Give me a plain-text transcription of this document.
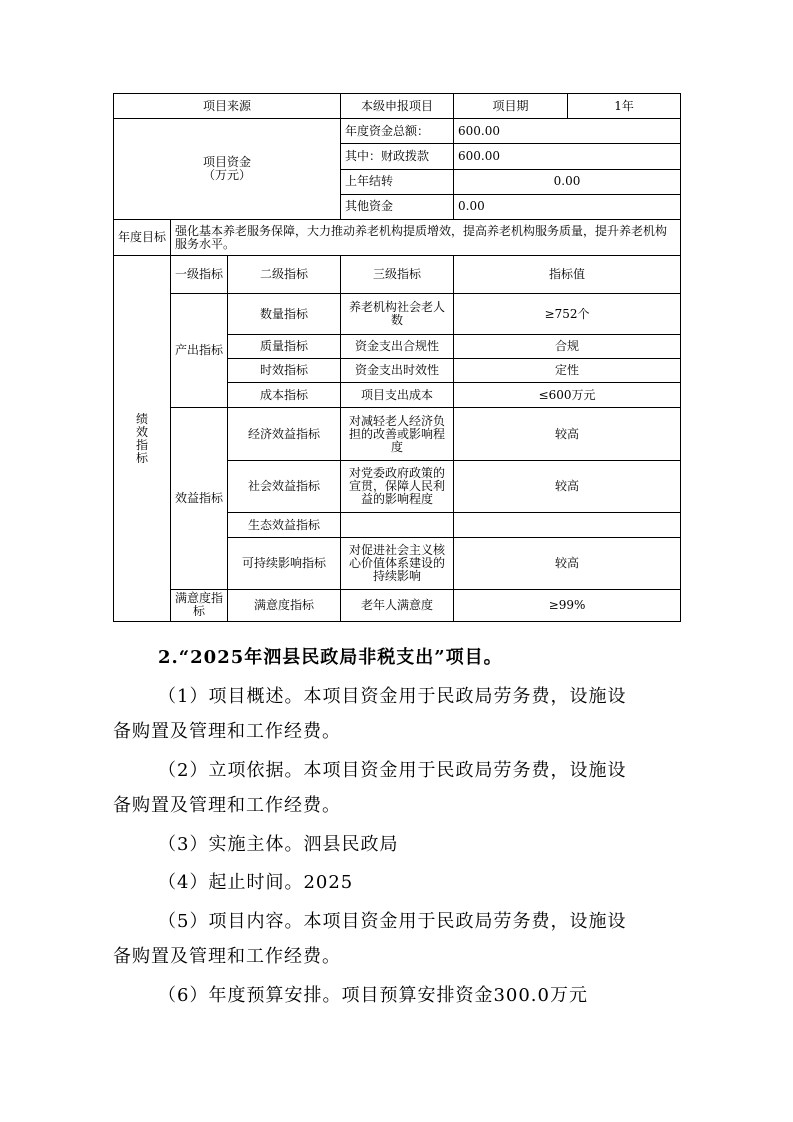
项目来源			本级申报项目	项目期	1年

项目资金
（万元）			年度资金总额：	600.00	
			其中：财政拨款	600.00	
			上年结转	0.00	
			其他资金	0.00	
年度目标	强化基本养老服务保障，大力推动养老机构提质增效，提高养老机构服务质量，提升养老机构服务水平。				

绩效指标	一级指标	二级指标	三级指标	指标值	
	产出指标	数量指标	养老机构社会老人数	≥752个	
		质量指标	资金支出合规性	合规	
		时效指标	资金支出时效性	定性	
		成本指标	项目支出成本	≤600万元	
	效益指标	经济效益指标	对减轻老人经济负担的改善或影响程度	较高	
		社会效益指标	对党委政府政策的宣贯，保障人民利益的影响程度	较高	
		生态效益指标			
		可持续影响指标	对促进社会主义核心价值体系建设的持续影响	较高	
	满意度指标	满意度指标	老年人满意度	≥99%	
2.“2025年泗县民政局非税支出”项目。
（1）项目概述。本项目资金用于民政局劳务费，设施设
备购置及管理和工作经费。
（2）立项依据。本项目资金用于民政局劳务费，设施设
备购置及管理和工作经费。
（3）实施主体。泗县民政局
（4）起止时间。2025
（5）项目内容。本项目资金用于民政局劳务费，设施设
备购置及管理和工作经费。
（6）年度预算安排。项目预算安排资金300.0万元
